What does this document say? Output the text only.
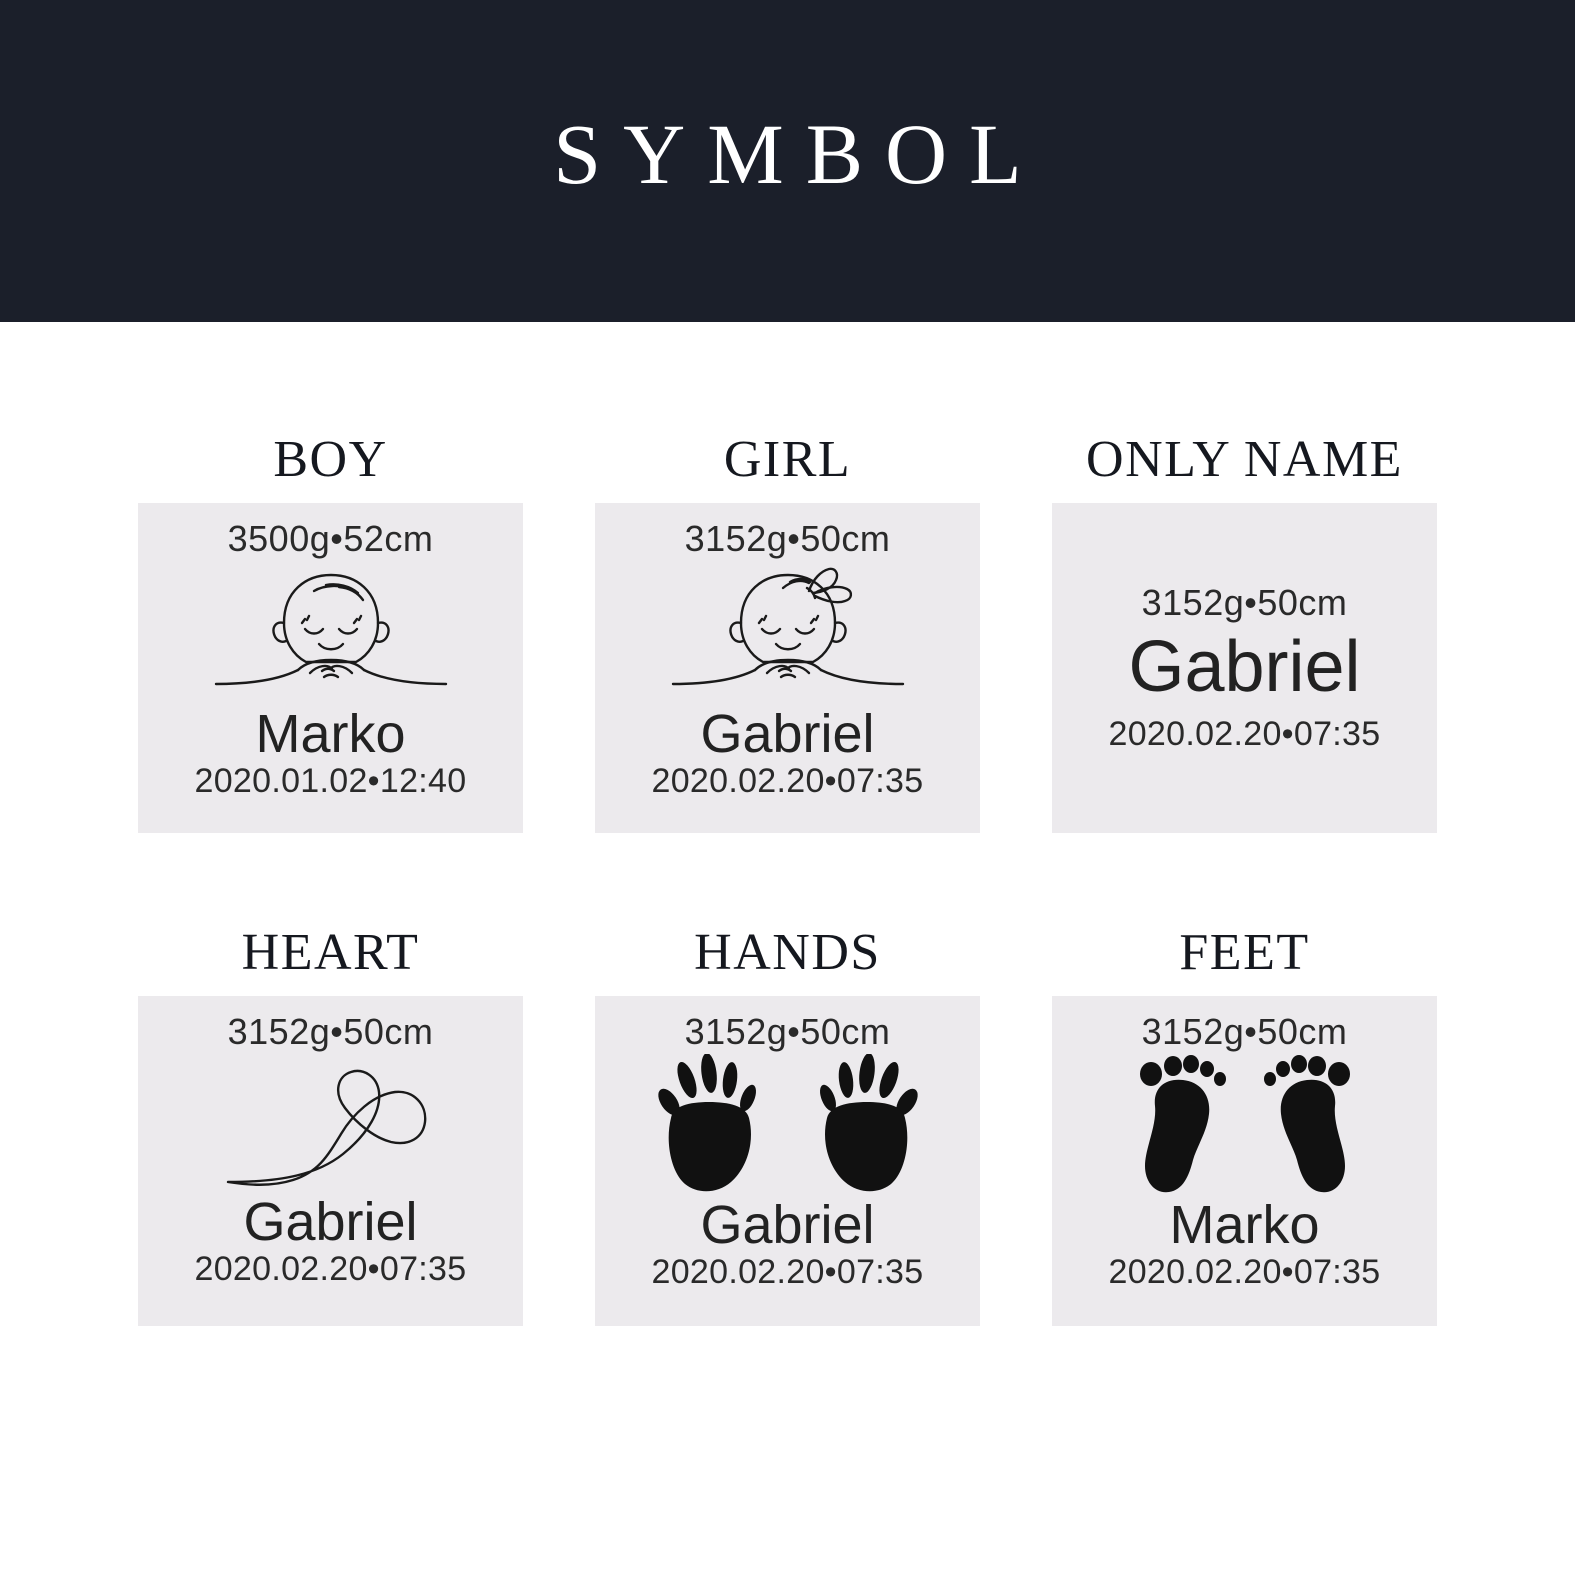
SYMBOL
BOY
3500g•52cm
Marko
2020.01.02•12:40
GIRL
3152g•50cm
Gabriel
2020.02.20•07:35
ONLY NAME
3152g•50cm
Gabriel
2020.02.20•07:35
HEART
3152g•50cm
Gabriel
2020.02.20•07:35
HANDS
3152g•50cm
Gabriel
2020.02.20•07:35
FEET
3152g•50cm
Marko
2020.02.20•07:35
